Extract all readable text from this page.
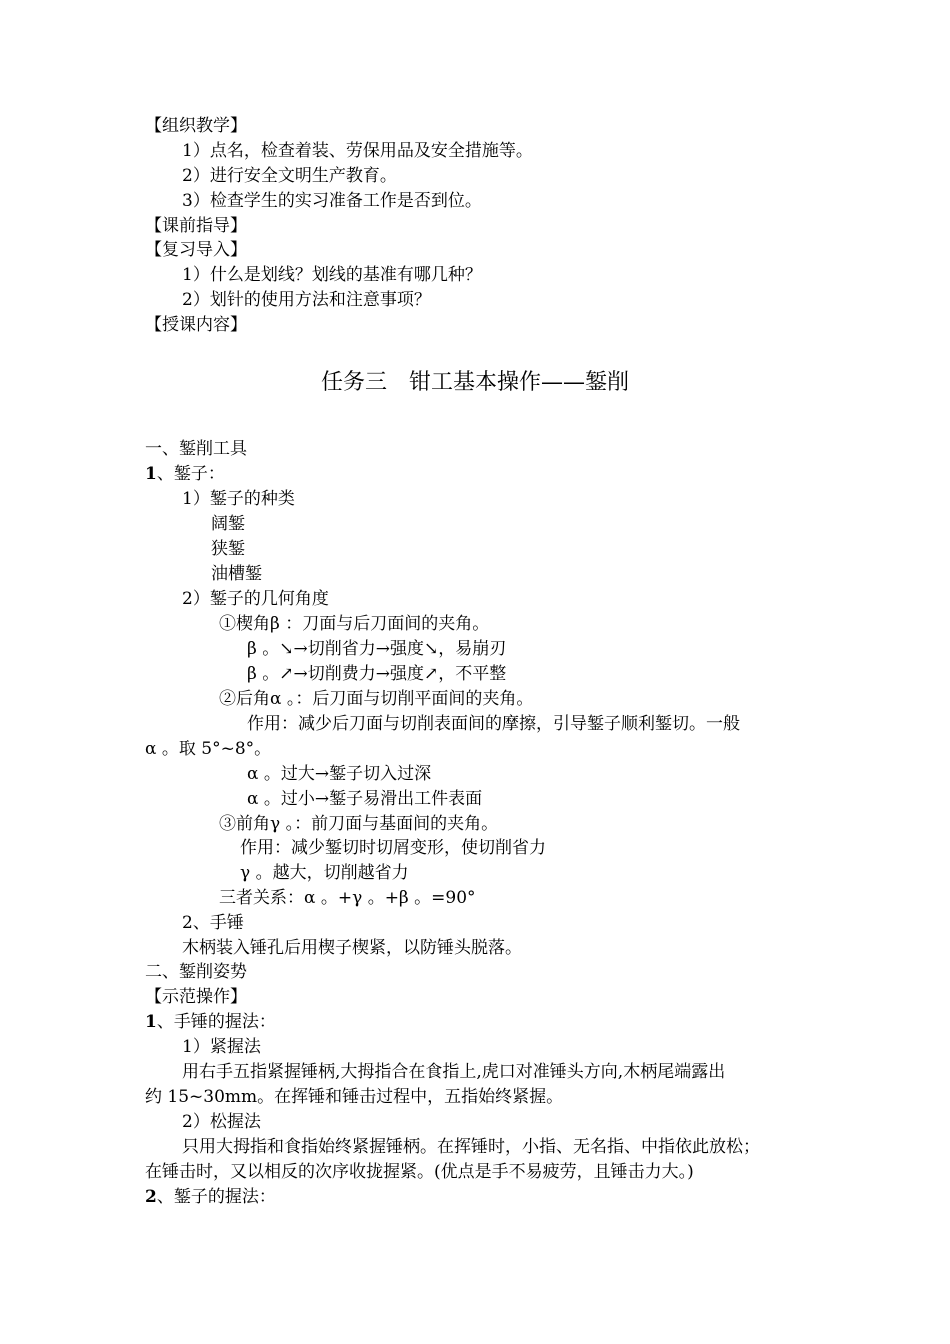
【组织教学】
1）点名，检查着装、劳保用品及安全措施等。
2）进行安全文明生产教育。
3）检查学生的实习准备工作是否到位。
【课前指导】
【复习导入】
1）什么是划线？划线的基准有哪几种？
2）划针的使用方法和注意事项？
【授课内容】
任务三　钳工基本操作——錾削
一、錾削工具
1、錾子：
1）錾子的种类
阔錾
狭錾
油槽錾
2）錾子的几何角度
①楔角β ：刀面与后刀面间的夹角。
β 。↘→切削省力→强度↘，易崩刃
β 。↗→切削费力→强度↗，不平整
②后角α 。：后刀面与切削平面间的夹角。
作用：减少后刀面与切削表面间的摩擦，引导錾子顺利錾切。一般
α 。取 5°~8°。
α 。过大→錾子切入过深
α 。过小→錾子易滑出工件表面
③前角γ 。：前刀面与基面间的夹角。
作用：减少錾切时切屑变形，使切削省力
γ 。越大，切削越省力
三者关系：α 。+γ 。+β 。=90°
2、手锤
木柄装入锤孔后用楔子楔紧，以防锤头脱落。
二、錾削姿势
【示范操作】
1、手锤的握法：
1）紧握法
用右手五指紧握锤柄,大拇指合在食指上,虎口对准锤头方向,木柄尾端露出
约 15~30mm。在挥锤和锤击过程中，五指始终紧握。
2）松握法
只用大拇指和食指始终紧握锤柄。在挥锤时，小指、无名指、中指依此放松；
在锤击时，又以相反的次序收拢握紧。(优点是手不易疲劳，且锤击力大。)
2、錾子的握法：
